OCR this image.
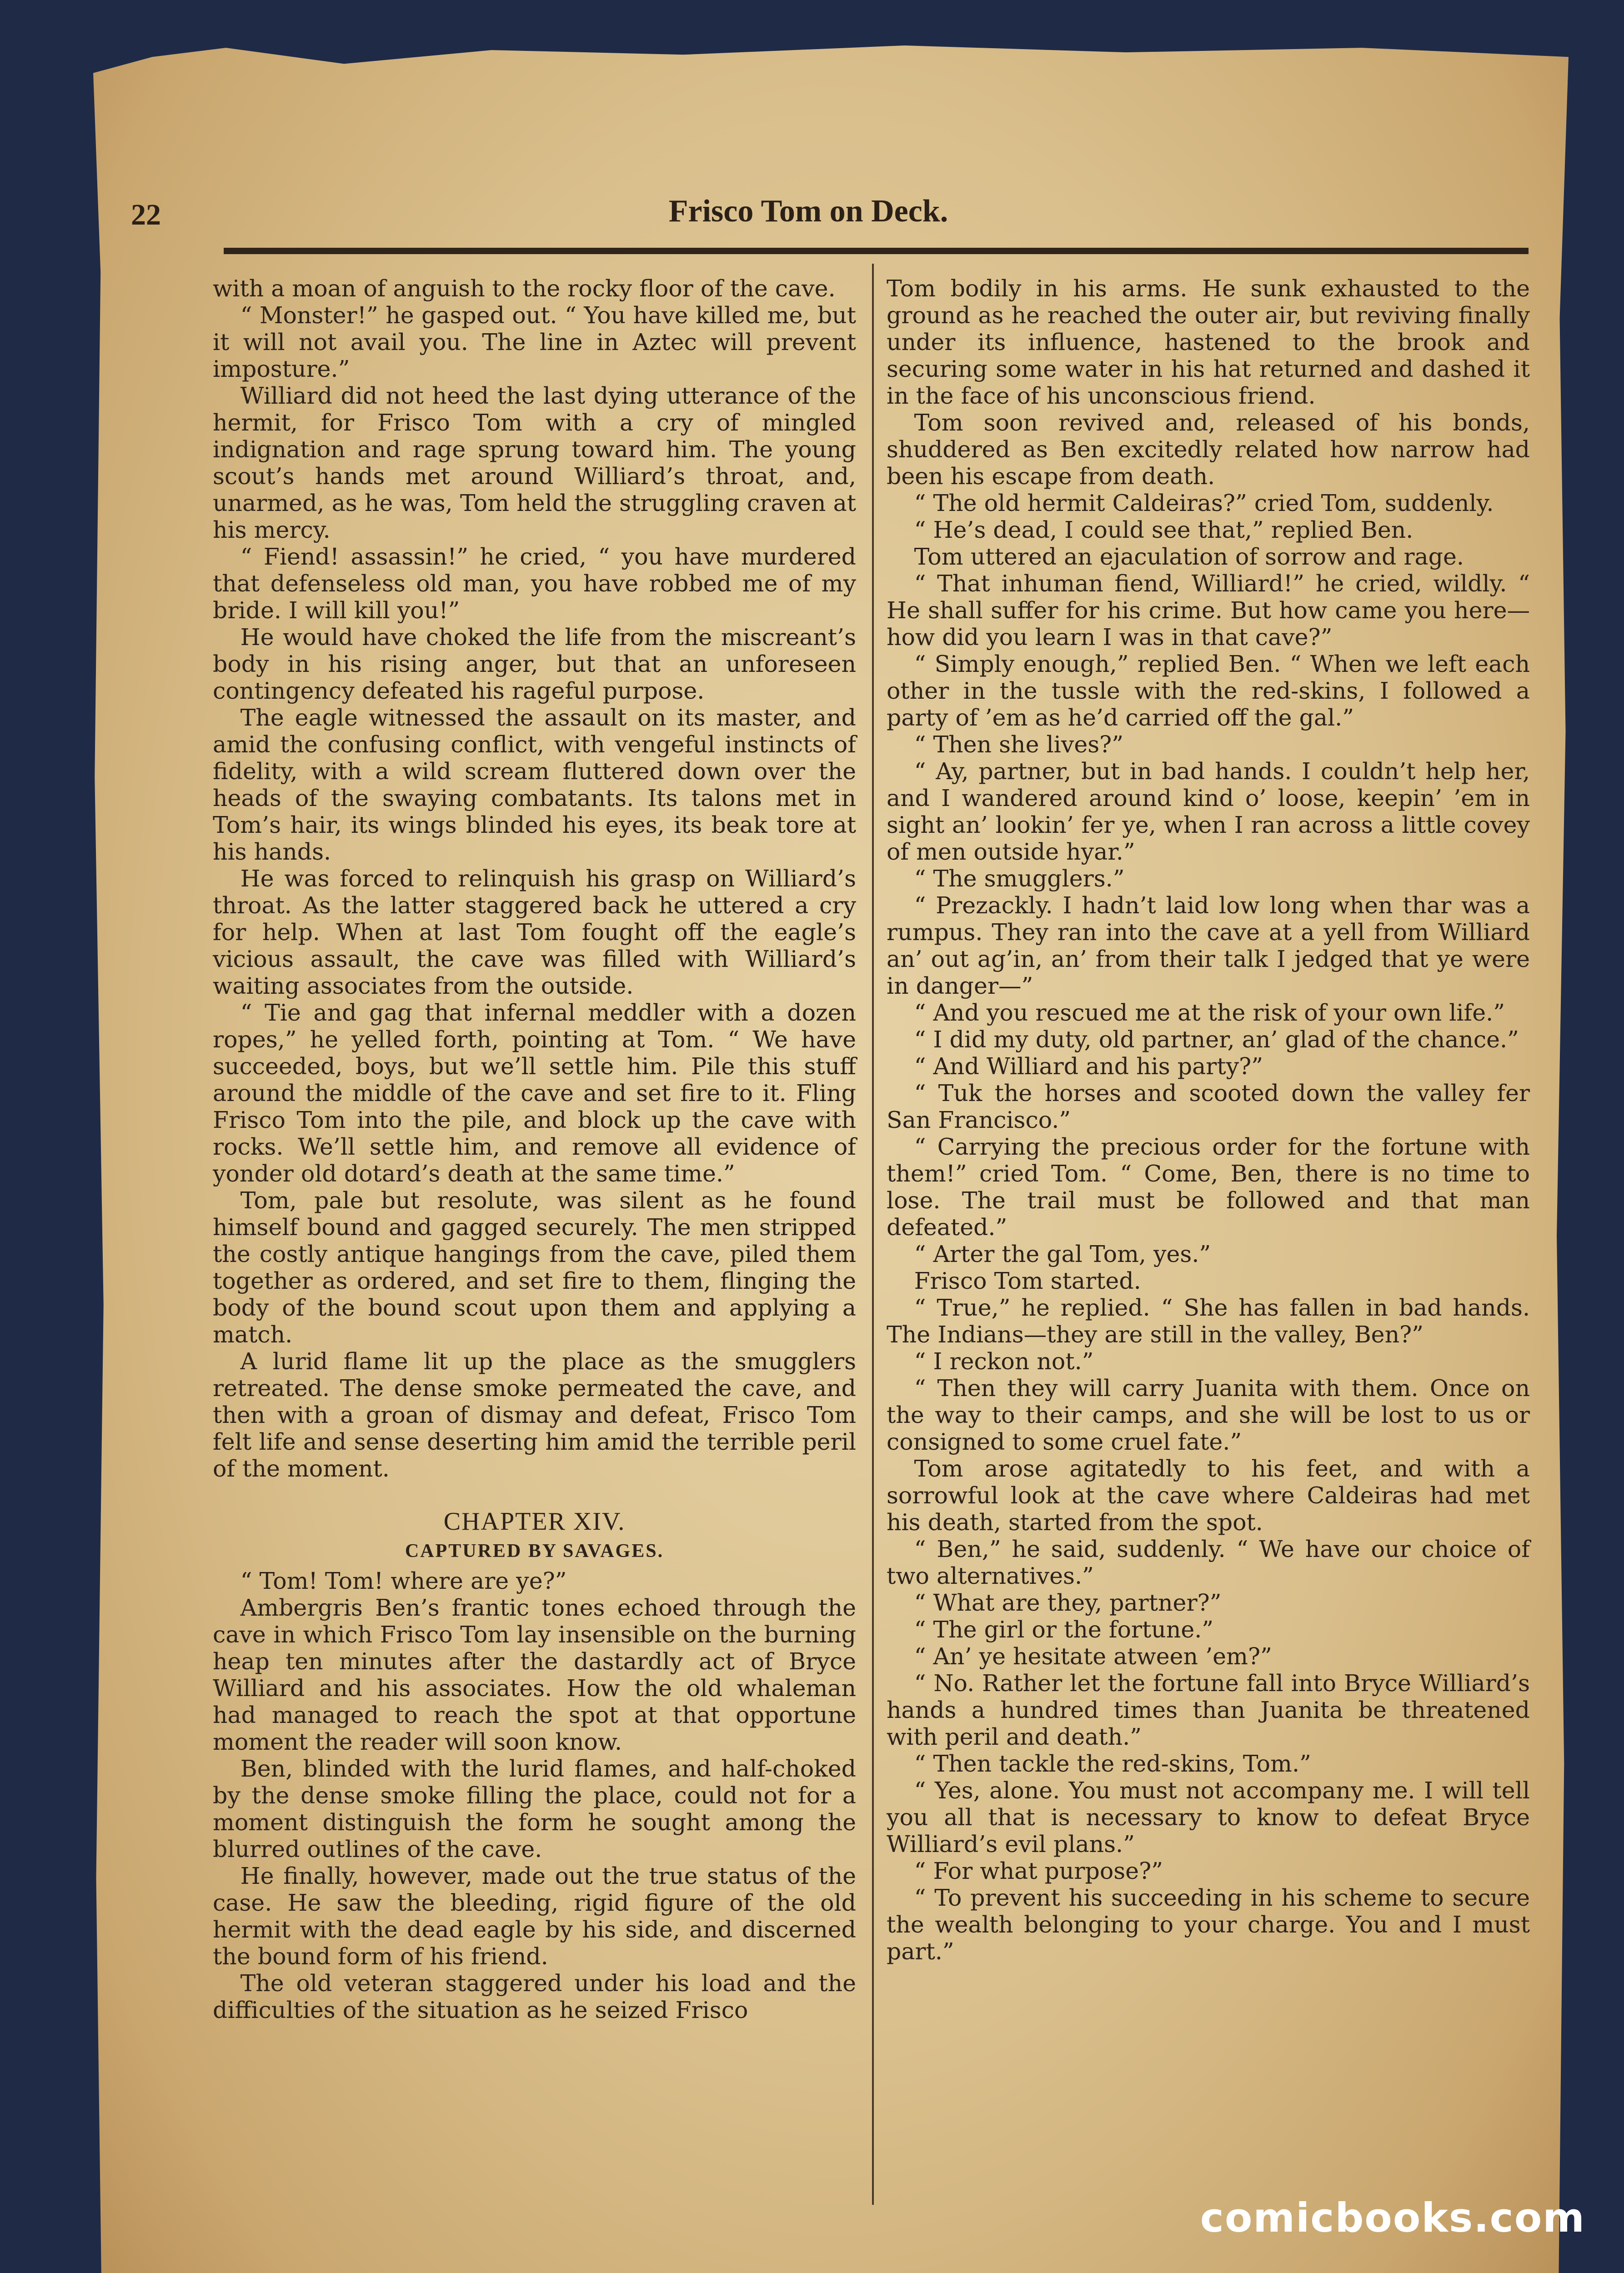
22	Frisco Tom on Deck.

with a moan of anguish to the rocky floor of the cave.

“ Monster!” he gasped out. “ You have killed me, but it will not avail you. The line in Aztec will prevent imposture.”

Williard did not heed the last dying utterance of the hermit, for Frisco Tom with a cry of mingled indignation and rage sprung toward him. The young scout’s hands met around Williard’s throat, and, unarmed, as he was, Tom held the struggling craven at his mercy.

“ Fiend! assassin!” he cried, “ you have murdered that defenseless old man, you have robbed me of my bride. I will kill you!”

He would have choked the life from the miscreant’s body in his rising anger, but that an unforeseen contingency defeated his rageful purpose.

The eagle witnessed the assault on its master, and amid the confusing conflict, with vengeful instincts of fidelity, with a wild scream fluttered down over the heads of the swaying combatants. Its talons met in Tom’s hair, its wings blinded his eyes, its beak tore at his hands.

He was forced to relinquish his grasp on Williard’s throat. As the latter staggered back he uttered a cry for help. When at last Tom fought off the eagle’s vicious assault, the cave was filled with Williard’s waiting associates from the outside.

“ Tie and gag that infernal meddler with a dozen ropes,” he yelled forth, pointing at Tom. “ We have succeeded, boys, but we’ll settle him. Pile this stuff around the middle of the cave and set fire to it. Fling Frisco Tom into the pile, and block up the cave with rocks. We’ll settle him, and remove all evidence of yonder old dotard’s death at the same time.”

Tom, pale but resolute, was silent as he found himself bound and gagged securely. The men stripped the costly antique hangings from the cave, piled them together as ordered, and set fire to them, flinging the body of the bound scout upon them and applying a match.

A lurid flame lit up the place as the smugglers retreated. The dense smoke permeated the cave, and then with a groan of dismay and defeat, Frisco Tom felt life and sense deserting him amid the terrible peril of the moment.

CHAPTER XIV.
CAPTURED BY SAVAGES.

“ Tom! Tom! where are ye?”

Ambergris Ben’s frantic tones echoed through the cave in which Frisco Tom lay insensible on the burning heap ten minutes after the dastardly act of Bryce Williard and his associates. How the old whaleman had managed to reach the spot at that opportune moment the reader will soon know.

Ben, blinded with the lurid flames, and half-choked by the dense smoke filling the place, could not for a moment distinguish the form he sought among the blurred outlines of the cave.

He finally, however, made out the true status of the case. He saw the bleeding, rigid figure of the old hermit with the dead eagle by his side, and discerned the bound form of his friend.

The old veteran staggered under his load and the difficulties of the situation as he seized Frisco

Tom bodily in his arms. He sunk exhausted to the ground as he reached the outer air, but reviving finally under its influence, hastened to the brook and securing some water in his hat returned and dashed it in the face of his unconscious friend.

Tom soon revived and, released of his bonds, shuddered as Ben excitedly related how narrow had been his escape from death.

“ The old hermit Caldeiras?” cried Tom, suddenly.

“ He’s dead, I could see that,” replied Ben.

Tom uttered an ejaculation of sorrow and rage.

“ That inhuman fiend, Williard!” he cried, wildly. “ He shall suffer for his crime. But how came you here—how did you learn I was in that cave?”

“ Simply enough,” replied Ben. “ When we left each other in the tussle with the red-skins, I followed a party of ’em as he’d carried off the gal.”

“ Then she lives?”

“ Ay, partner, but in bad hands. I couldn’t help her, and I wandered around kind o’ loose, keepin’ ’em in sight an’ lookin’ fer ye, when I ran across a little covey of men outside hyar.”

“ The smugglers.”

“ Prezackly. I hadn’t laid low long when thar was a rumpus. They ran into the cave at a yell from Williard an’ out ag’in, an’ from their talk I jedged that ye were in danger—”

“ And you rescued me at the risk of your own life.”

“ I did my duty, old partner, an’ glad of the chance.”

“ And Williard and his party?”

“ Tuk the horses and scooted down the valley fer San Francisco.”

“ Carrying the precious order for the fortune with them!” cried Tom. “ Come, Ben, there is no time to lose. The trail must be followed and that man defeated.”

“ Arter the gal Tom, yes.”

Frisco Tom started.

“ True,” he replied. “ She has fallen in bad hands. The Indians—they are still in the valley, Ben?”

“ I reckon not.”

“ Then they will carry Juanita with them. Once on the way to their camps, and she will be lost to us or consigned to some cruel fate.”

Tom arose agitatedly to his feet, and with a sorrowful look at the cave where Caldeiras had met his death, started from the spot.

“ Ben,” he said, suddenly. “ We have our choice of two alternatives.”

“ What are they, partner?”

“ The girl or the fortune.”

“ An’ ye hesitate atween ’em?”

“ No. Rather let the fortune fall into Bryce Williard’s hands a hundred times than Juanita be threatened with peril and death.”

“ Then tackle the red-skins, Tom.”

“ Yes, alone. You must not accompany me. I will tell you all that is necessary to know to defeat Bryce Williard’s evil plans.”

“ For what purpose?”

“ To prevent his succeeding in his scheme to secure the wealth belonging to your charge. You and I must part.”

comicbooks.com
